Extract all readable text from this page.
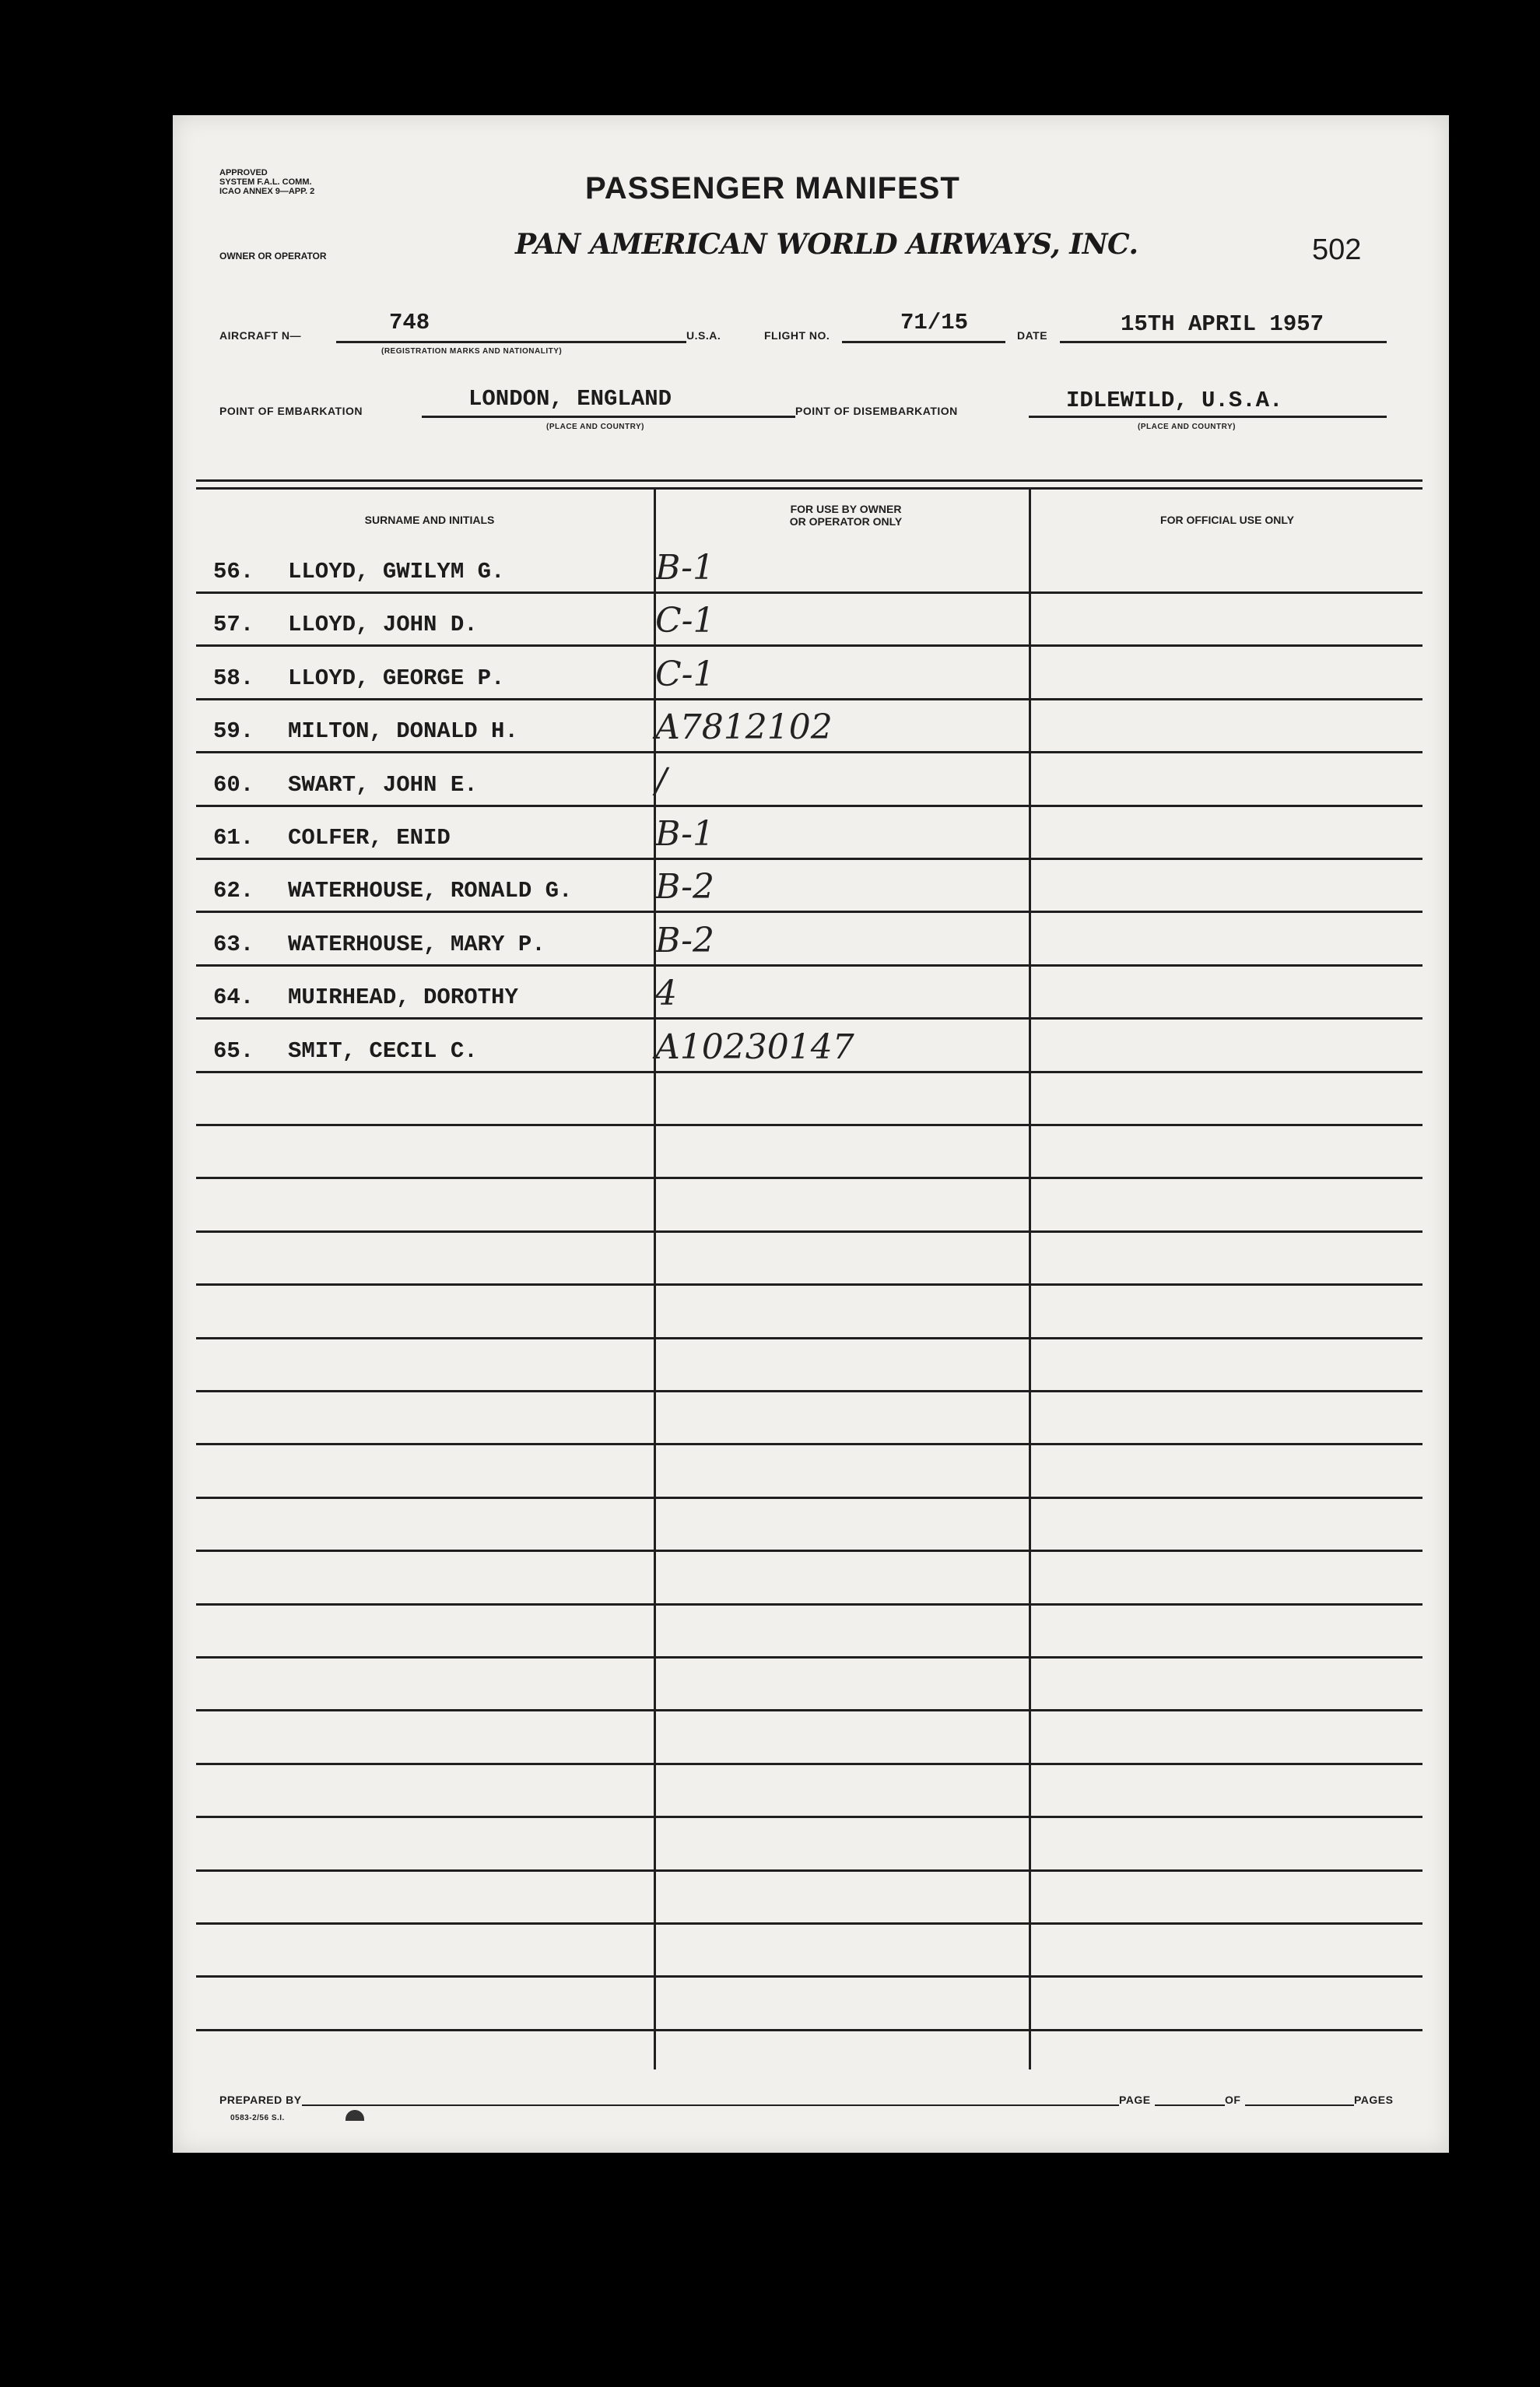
APPROVED
SYSTEM F.A.L. COMM.
ICAO ANNEX 9—APP. 2	PASSENGER MANIFEST
OWNER OR OPERATOR	PAN AMERICAN WORLD AIRWAYS, INC.	502
AIRCRAFT N—	748
(REGISTRATION MARKS AND NATIONALITY)
U.S.A.	FLIGHT NO.	71/15	DATE	15TH APRIL 1957
POINT OF EMBARKATION	LONDON, ENGLAND
(PLACE AND COUNTRY)
POINT OF DISEMBARKATION	IDLEWILD, U.S.A.
(PLACE AND COUNTRY)
SURNAME AND INITIALS
FOR USE BY OWNER
OR OPERATOR ONLY	FOR OFFICIAL USE ONLY
56.	LLOYD, GWILYM G.	B-1
57.	LLOYD, JOHN D.	C-1
58.	LLOYD, GEORGE P.	C-1
59.	MILTON, DONALD H.	A7812102
60.	SWART, JOHN E.	/
61.	COLFER, ENID	B-1
62.	WATERHOUSE, RONALD G.	B-2
63.	WATERHOUSE, MARY P.	B-2
64.	MUIRHEAD, DOROTHY	4
65.	SMIT, CECIL C.	A10230147
PREPARED BY
0583-2/56 S.I.
PAGE	OF	PAGES
